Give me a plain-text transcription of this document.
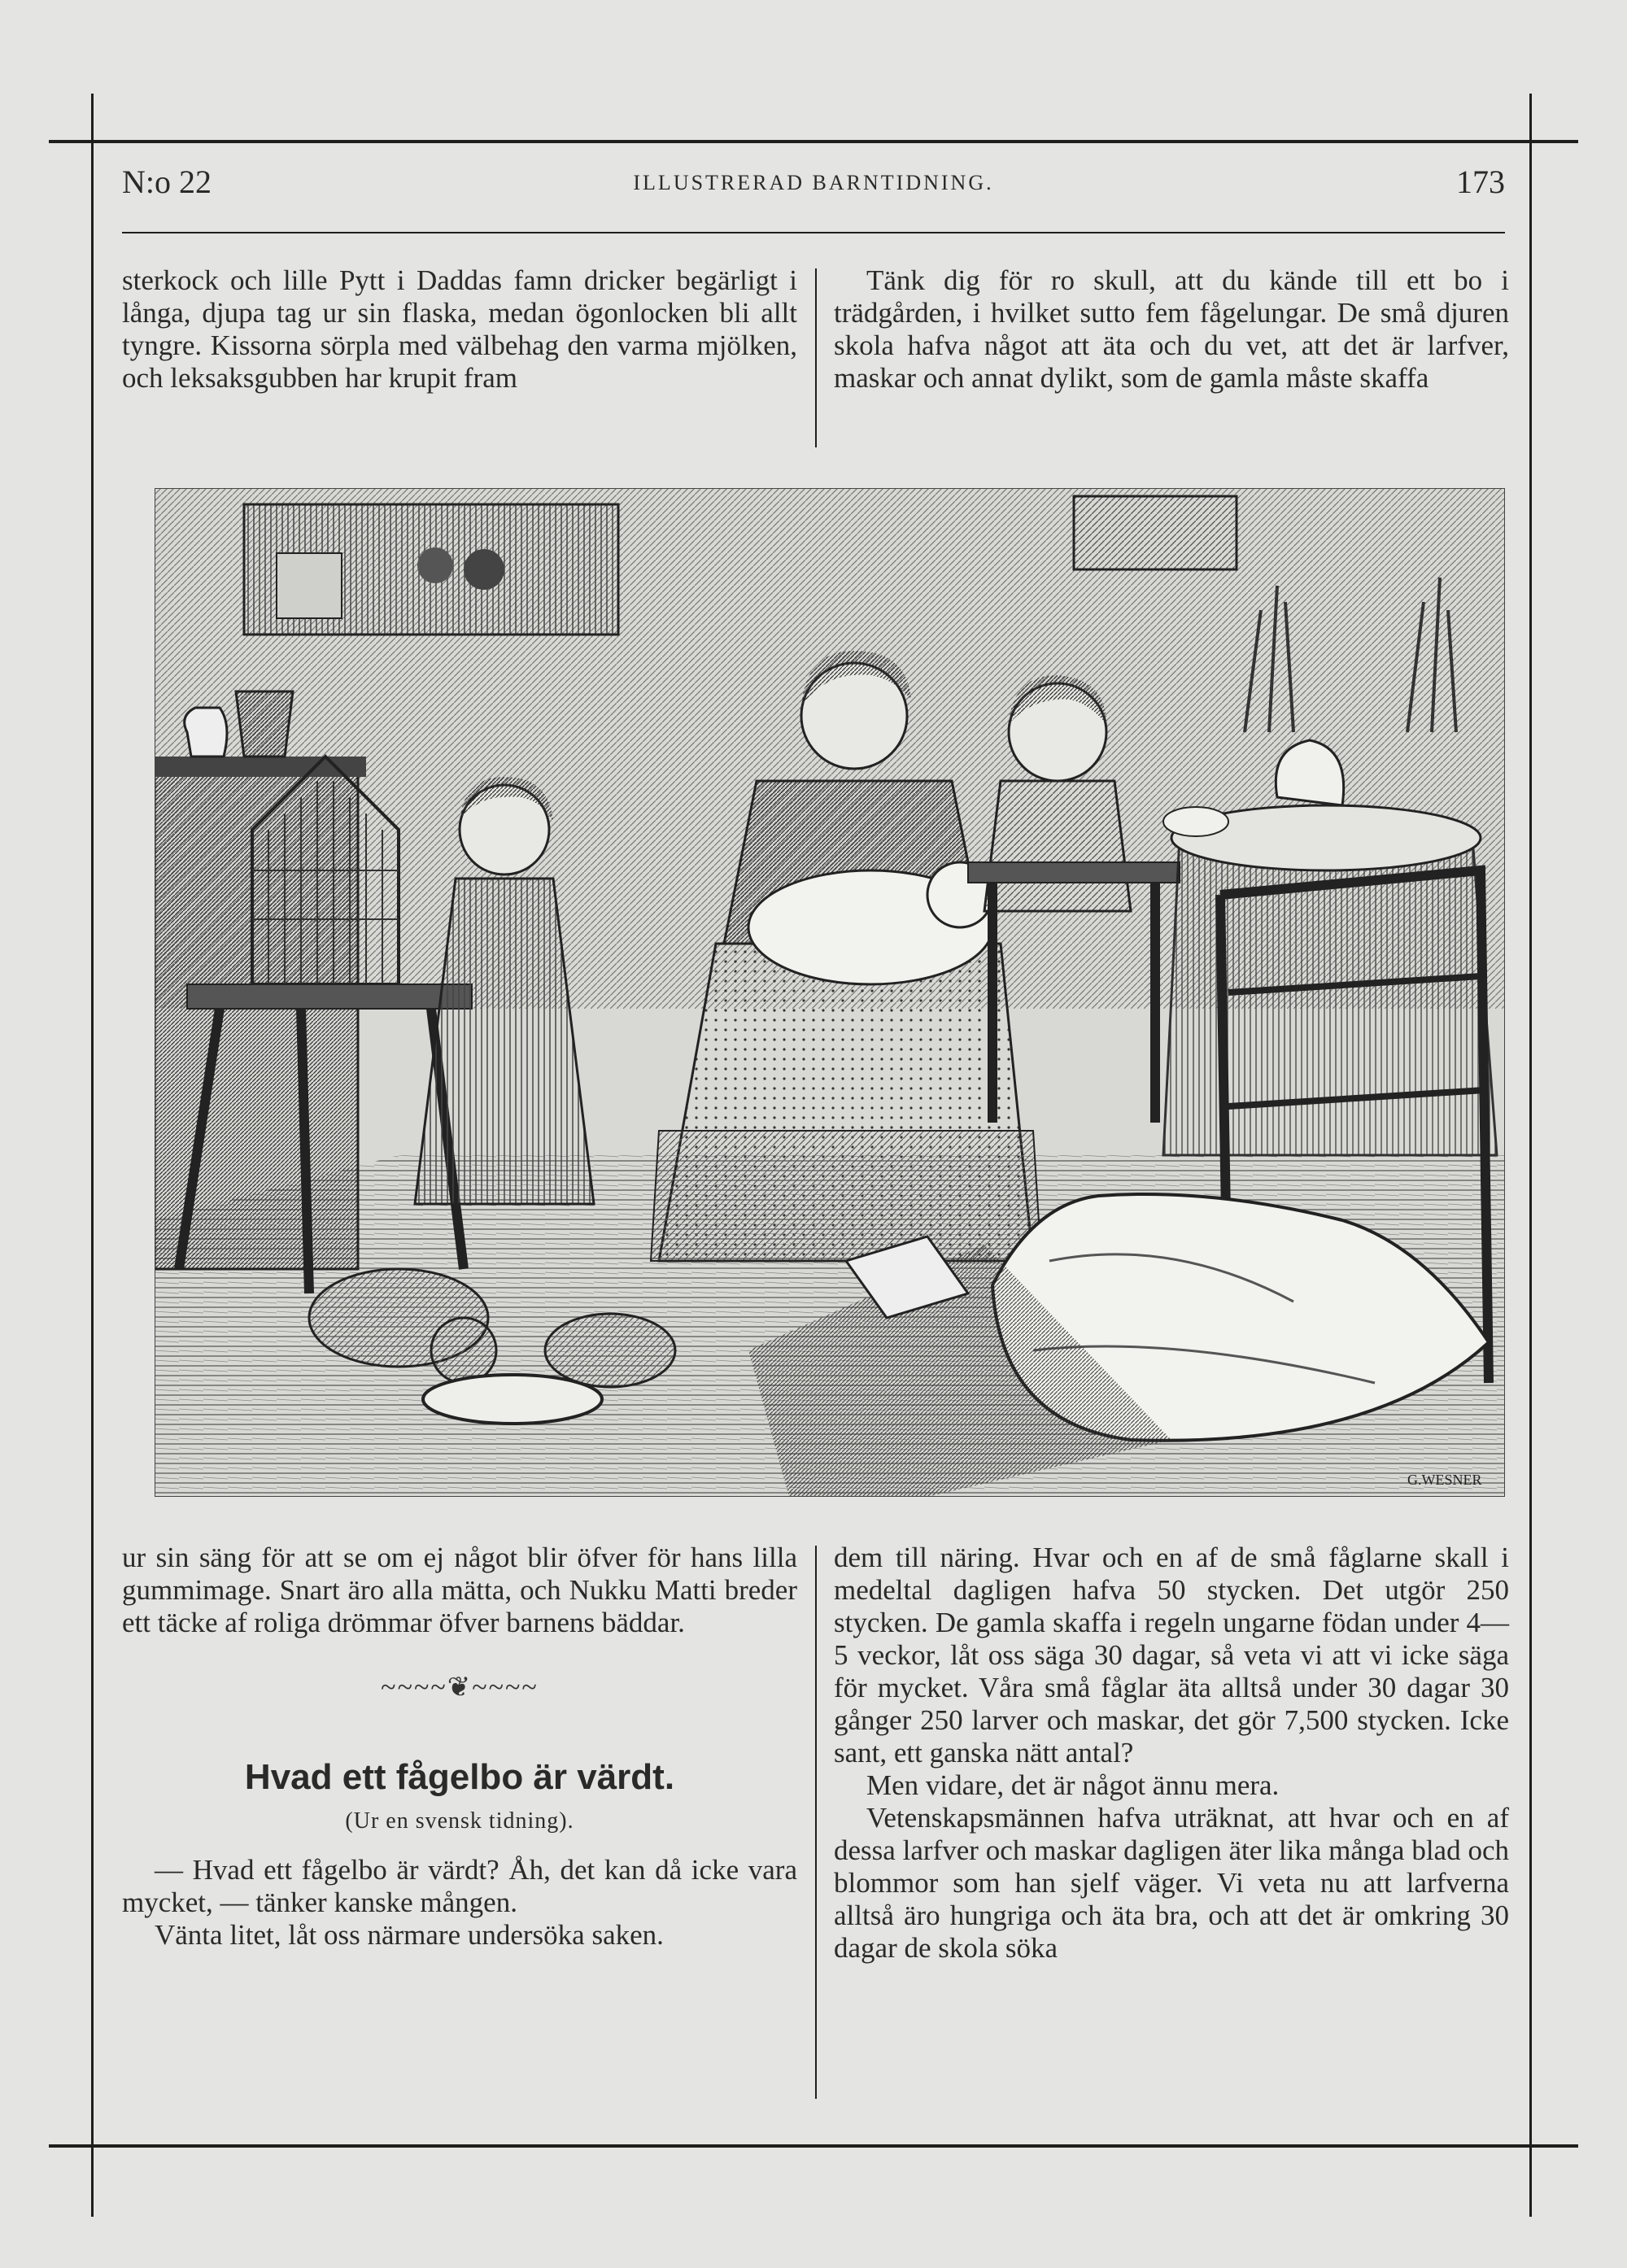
N:o 22	ILLUSTRERAD BARNTIDNING.	173

sterkock och lille Pytt i Daddas famn dricker begärligt i långa, djupa tag ur sin flaska, medan ögonlocken bli allt tyngre. Kissorna sörpla med välbehag den varma mjölken, och leksaksgubben har krupit fram

Tänk dig för ro skull, att du kände till ett bo i trädgården, i hvilket sutto fem fågelungar. De små djuren skola hafva något att äta och du vet, att det är larfver, maskar och annat dylikt, som de gamla måste skaffa

G.WESNER

ur sin säng för att se om ej något blir öfver för hans lilla gummimage. Snart äro alla mätta, och Nukku Matti breder ett täcke af roliga drömmar öfver barnens bäddar.

~~~~❦~~~~
Hvad ett fågelbo är värdt.
(Ur en svensk tidning).

— Hvad ett fågelbo är värdt? Åh, det kan då icke vara mycket, — tänker kanske mången.

Vänta litet, låt oss närmare undersöka saken.

dem till näring. Hvar och en af de små fåglarne skall i medeltal dagligen hafva 50 stycken. Det utgör 250 stycken. De gamla skaffa i regeln ungarne födan under 4—5 veckor, låt oss säga 30 dagar, så veta vi att vi icke säga för mycket. Våra små fåglar äta alltså under 30 dagar 30 gånger 250 larver och maskar, det gör 7,500 stycken. Icke sant, ett ganska nätt antal?

Men vidare, det är något ännu mera.

Vetenskapsmännen hafva uträknat, att hvar och en af dessa larfver och maskar dagligen äter lika många blad och blommor som han sjelf väger. Vi veta nu att larfverna alltså äro hungriga och äta bra, och att det är omkring 30 dagar de skola söka
